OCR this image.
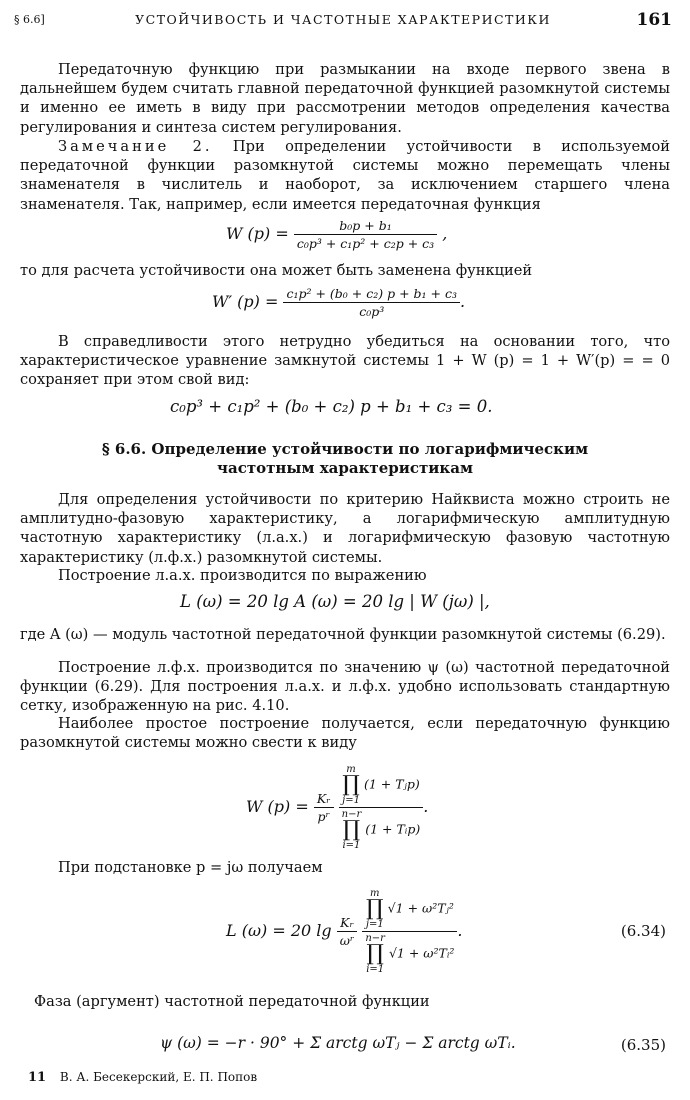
§ 6.6]	УСТОЙЧИВОСТЬ И ЧАСТОТНЫЕ ХАРАКТЕРИСТИКИ	161

Передаточную функцию при размыкании на входе первого звена в дальнейшем будем считать главной передаточной функцией разомкнутой системы и именно ее иметь в виду при рассмотрении методов определения качества регулирования и синтеза систем регулирования.

Замечание 2. При определении устойчивости в используемой передаточной функции разомкнутой системы можно перемещать члены знаменателя в числитель и наоборот, за исключением старшего члена знаменателя. Так, например, если имеется передаточная функция

W $(p) = \frac{\text{b₀p + b₁}}{\text{c₀p³ + c₁p² + c₂p + c₃}}$ ,

то для расчета устойчивости она может быть заменена функцией

W′ $(p) = \frac{\text{c₁p² + (b₀ + c₂) p + b₁ + c₃}}{\text{c₀p³}}$ .

В справедливости этого нетрудно убедиться на основании того, что характеристическое уравнение замкнутой системы 1 + W (p) = 1 + W′(p) = = 0 сохраняет при этом свой вид:

c₀p³ + c₁p² + (b₀ + c₂) p + b₁ + c₃ = 0.
§ 6.6. Определение устойчивости по логарифмическим
частотным характеристикам

Для определения устойчивости по критерию Найквиста можно строить не амплитудно-фазовую характеристику, а логарифмическую амплитудную частотную характеристику (л.а.х.) и логарифмическую фазовую частотную характеристику (л.ф.х.) разомкнутой системы.

Построение л.а.х. производится по выражению

L (ω) = 20 lg A (ω) = 20 lg | W (jω) |,

где A (ω) — модуль частотной передаточной функции разомкнутой системы (6.29).

Построение л.ф.х. производится по значению ψ (ω) частотной передаточной функции (6.29). Для построения л.а.х. и л.ф.х. удобно использовать стандартную сетку, изображенную на рис. 4.10.

Наиболее простое построение получается, если передаточную функцию разомкнутой системы можно свести к виду

W $(p) = \frac{\text{Kᵣ}}{\text{pʳ}}$
m
∏
j=1 (1 + Tⱼp)
n−r
∏
i=1 (1 + Tᵢp) .

При подстановке p = jω получаем

L (ω) = 20 $\lg \frac{\text{Kᵣ}}{\text{ωʳ}}$
m
∏
j=1 √1 + ω²Tⱼ²
n−r
∏
i=1 √1 + ω²Tᵢ² .	(6.34)

Фаза (аргумент) частотной передаточной функции

ψ (ω) = −r · 90° + Σ arctg ωTⱼ − Σ arctg ωTᵢ.	(6.35)
11 В. А. Бесекерский, Е. П. Попов
